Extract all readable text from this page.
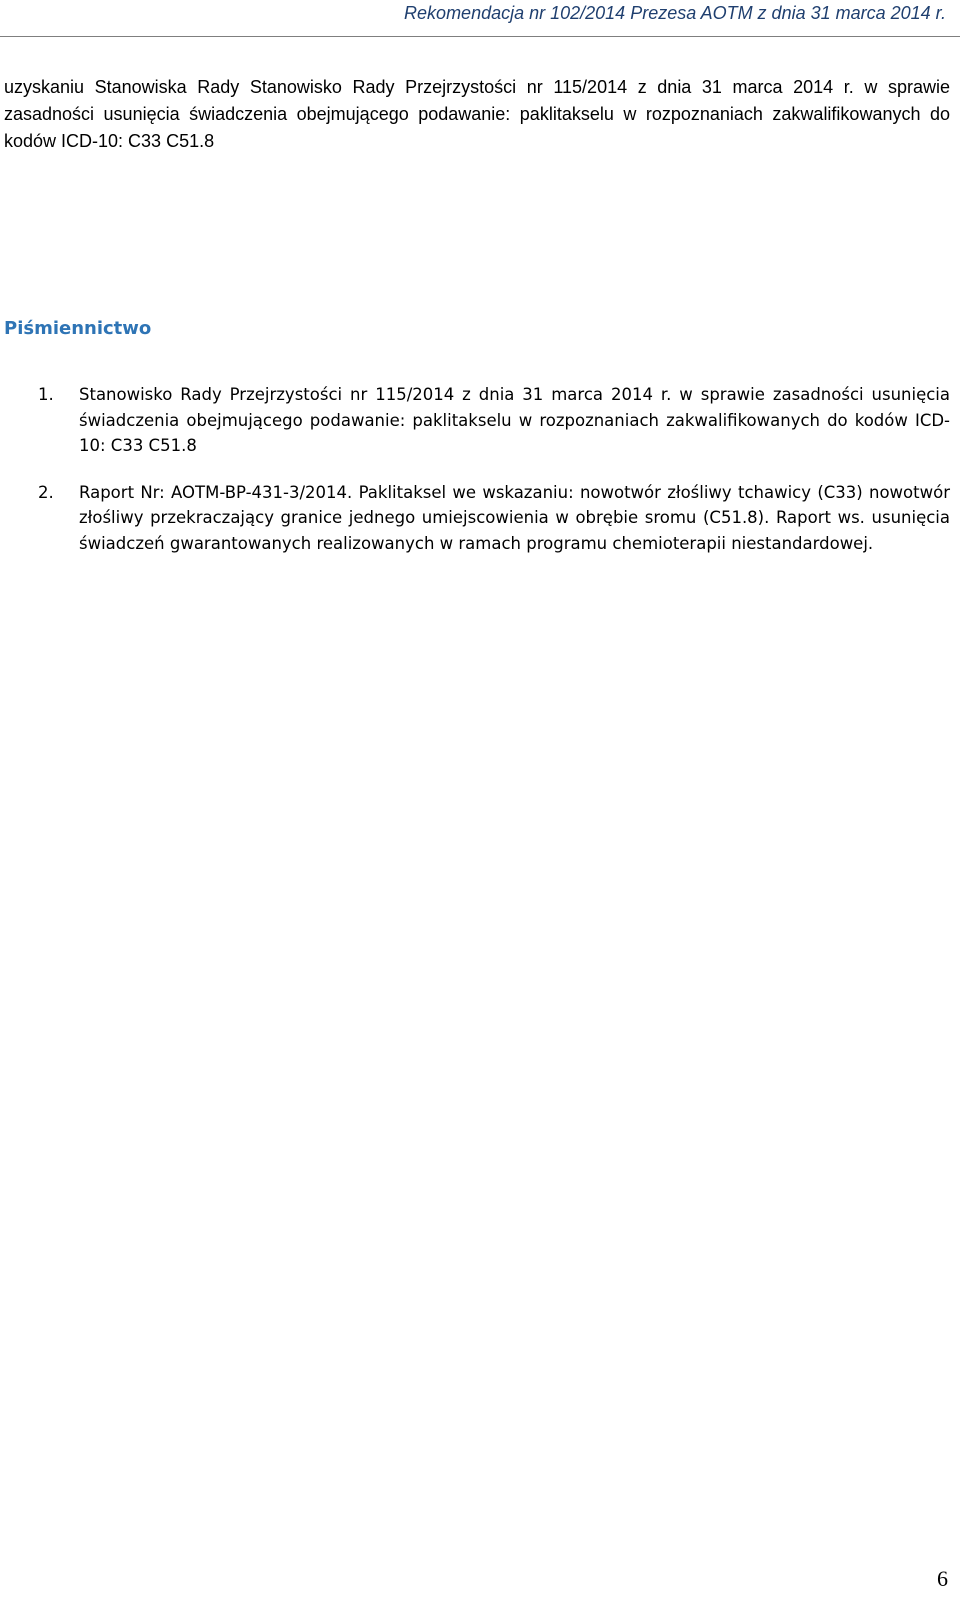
Rekomendacja nr 102/2014 Prezesa AOTM z dnia 31 marca 2014 r.
uzyskaniu Stanowiska Rady Stanowisko Rady Przejrzystości nr 115/2014 z dnia 31 marca 2014 r. w sprawie zasadności usunięcia świadczenia obejmującego podawanie: paklitakselu w rozpoznaniach zakwalifikowanych do kodów ICD-10: C33 C51.8
Piśmiennictwo
1. Stanowisko Rady Przejrzystości nr 115/2014 z dnia 31 marca 2014 r. w sprawie zasadności usunięcia świadczenia obejmującego podawanie: paklitakselu w rozpoznaniach zakwalifikowanych do kodów ICD-10: C33 C51.8
2. Raport Nr: AOTM-BP-431-3/2014. Paklitaksel we wskazaniu: nowotwór złośliwy tchawicy (C33) nowotwór złośliwy przekraczający granice jednego umiejscowienia w obrębie sromu (C51.8). Raport ws. usunięcia świadczeń gwarantowanych realizowanych w ramach programu chemioterapii niestandardowej.
6
